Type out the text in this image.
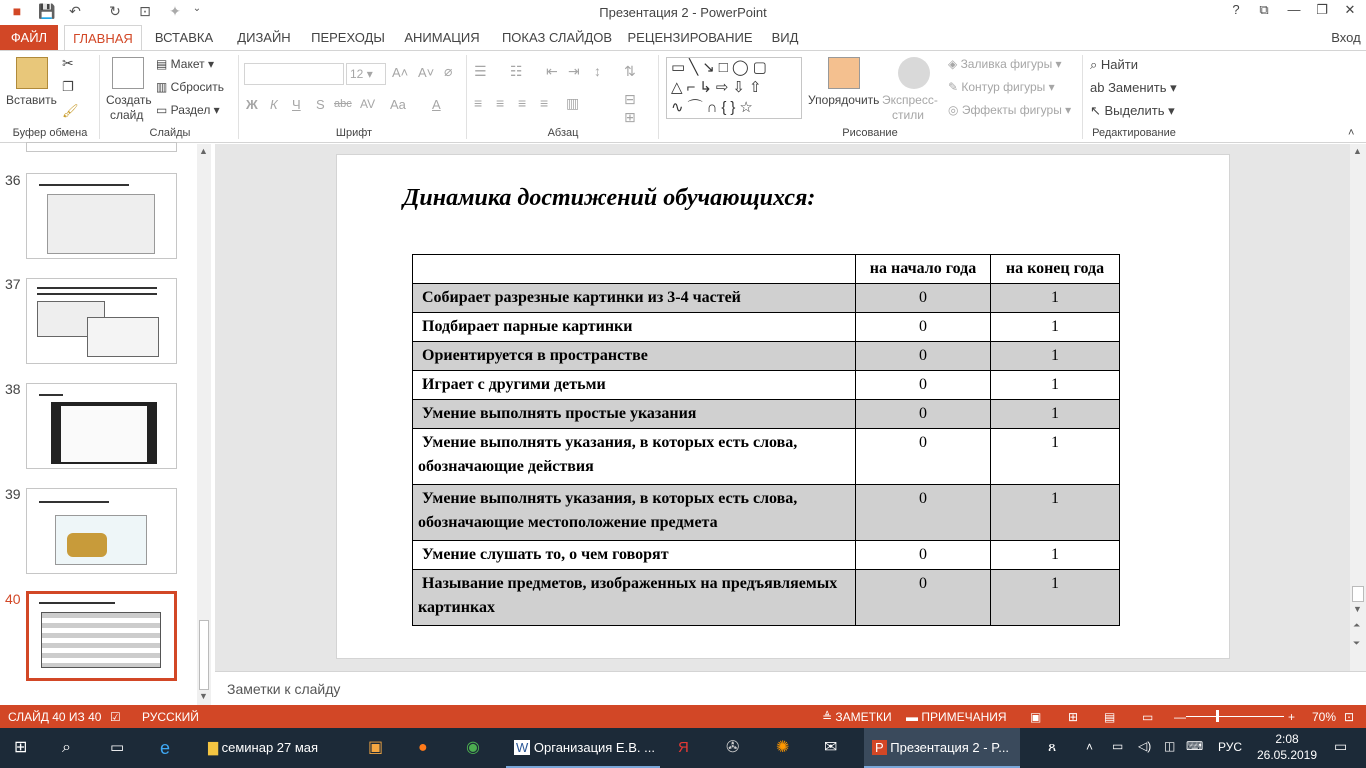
■	💾 ↶ ↻ ⊡ ✦	⌄	Презентация 2 - PowerPoint	?	⧉	—	❐	✕
ФАЙЛ	ГЛАВНАЯ	ВСТАВКА	ДИЗАЙН	ПЕРЕХОДЫ	АНИМАЦИЯ	ПОКАЗ СЛАЙДОВ	РЕЦЕНЗИРОВАНИЕ	ВИД	Вход
Вставить
✂
❐
🖌
Буфер обмена
Создать
слайд
▤ Макет ▾
▥ Сбросить
▭ Раздел ▾
Слайды
12 ▾	A˄ A˅ ⌀
Ж К Ч S abc AV Aa A
Шрифт
☰ ☷ ⇤ ⇥ ↕ ⇅
≡ ≡ ≡ ≡ ▥	⊟
⊞
Абзац
▭╲↘□◯▢
△⌐↳⇨⇩⇧
∿⌒∩{}☆	Упорядочить Экспресс-
стили
◈ Заливка фигуры ▾
✎ Контур фигуры ▾
◎ Эффекты фигуры ▾
Рисование
⌕ Найти
ab Заменить ▾
↖ Выделить ▾
Редактирование	˄
36
37
38
39
40
▲
▼
Динамика достижений обучающихся:
	на начало года	на конец года
Собирает разрезные картинки из 3-4 частей	0	1
Подбирает парные картинки	0	1
Ориентируется в пространстве	0	1
Играет с другими детьми	0	1
Умение выполнять простые указания	0	1
Умение выполнять указания, в которых есть слова, обозначающие действия	0	1
Умение выполнять указания, в которых есть слова, обозначающие местоположение предмета	0	1
Умение слушать то, о чем говорят	0	1
Называние предметов, изображенных на предъявляемых картинках	0	1
▲
▼
⏶
⏷
Заметки к слайду
СЛАЙД 40 ИЗ 40 ☑ РУССКИЙ	≜ ЗАМЕТКИ ▬ ПРИМЕЧАНИЯ ▣ ⊞ ▤ ▭ —	+ 70% ⊡
⊞ ⌕	▭ e	▇ семинар 27 мая	▣ ● ◉	W Организация Е.В. ...	Я ✇ ✺ ✉	P Презентация 2 - P...	ጸ ˄ ▭ ◁) ◫ ⌨ РУС
2:08
26.05.2019
▭
